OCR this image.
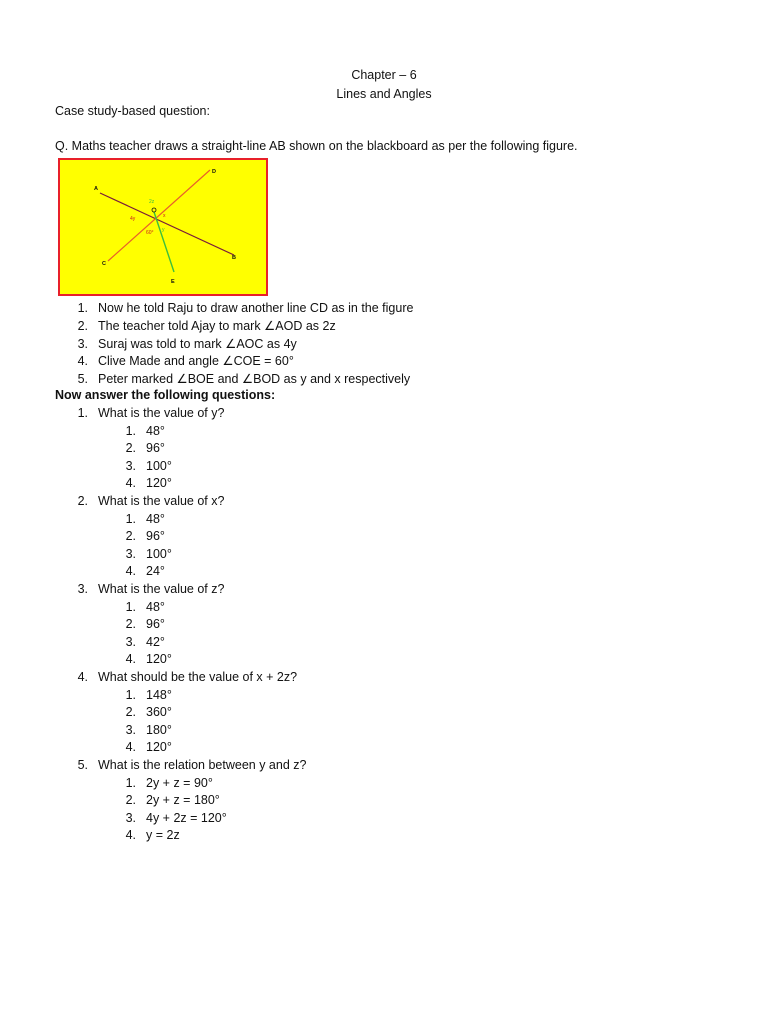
Chapter – 6
Lines and Angles
Case study-based question:
Q. Maths teacher draws a straight-line AB shown on the blackboard as per the following figure.
A
D
C
B
E
2z
x
4y
60° y
1. Now he told Raju to draw another line CD as in the figure
2. The teacher told Ajay to mark ∠AOD as 2z
3. Suraj was told to mark ∠AOC as 4y
4. Clive Made and angle ∠COE = 60°
5. Peter marked ∠BOE and ∠BOD as y and x respectively
Now answer the following questions:
1. What is the value of y?
1. 48°
2. 96°
3. 100°
4. 120°
2. What is the value of x?
1. 48°
2. 96°
3. 100°
4. 24°
3. What is the value of z?
1. 48°
2. 96°
3. 42°
4. 120°
4. What should be the value of x + 2z?
1. 148°
2. 360°
3. 180°
4. 120°
5. What is the relation between y and z?
1. 2y + z = 90°
2. 2y + z = 180°
3. 4y + 2z = 120°
4. y = 2z
